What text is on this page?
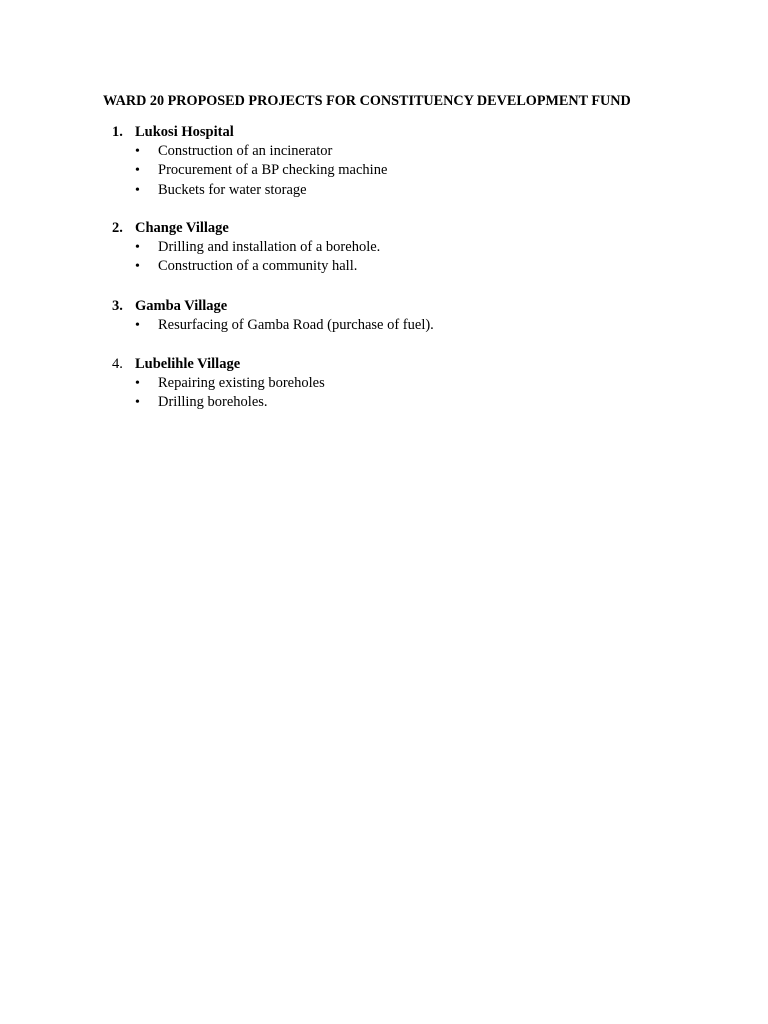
WARD 20 PROPOSED PROJECTS FOR CONSTITUENCY DEVELOPMENT FUND
1. Lukosi Hospital
• Construction of an incinerator
• Procurement of a BP checking machine
• Buckets for water storage
2. Change Village
• Drilling and installation of a borehole.
• Construction of a community hall.
3. Gamba Village
• Resurfacing of Gamba Road (purchase of fuel).
4. Lubelihle Village
• Repairing existing boreholes
• Drilling boreholes.
